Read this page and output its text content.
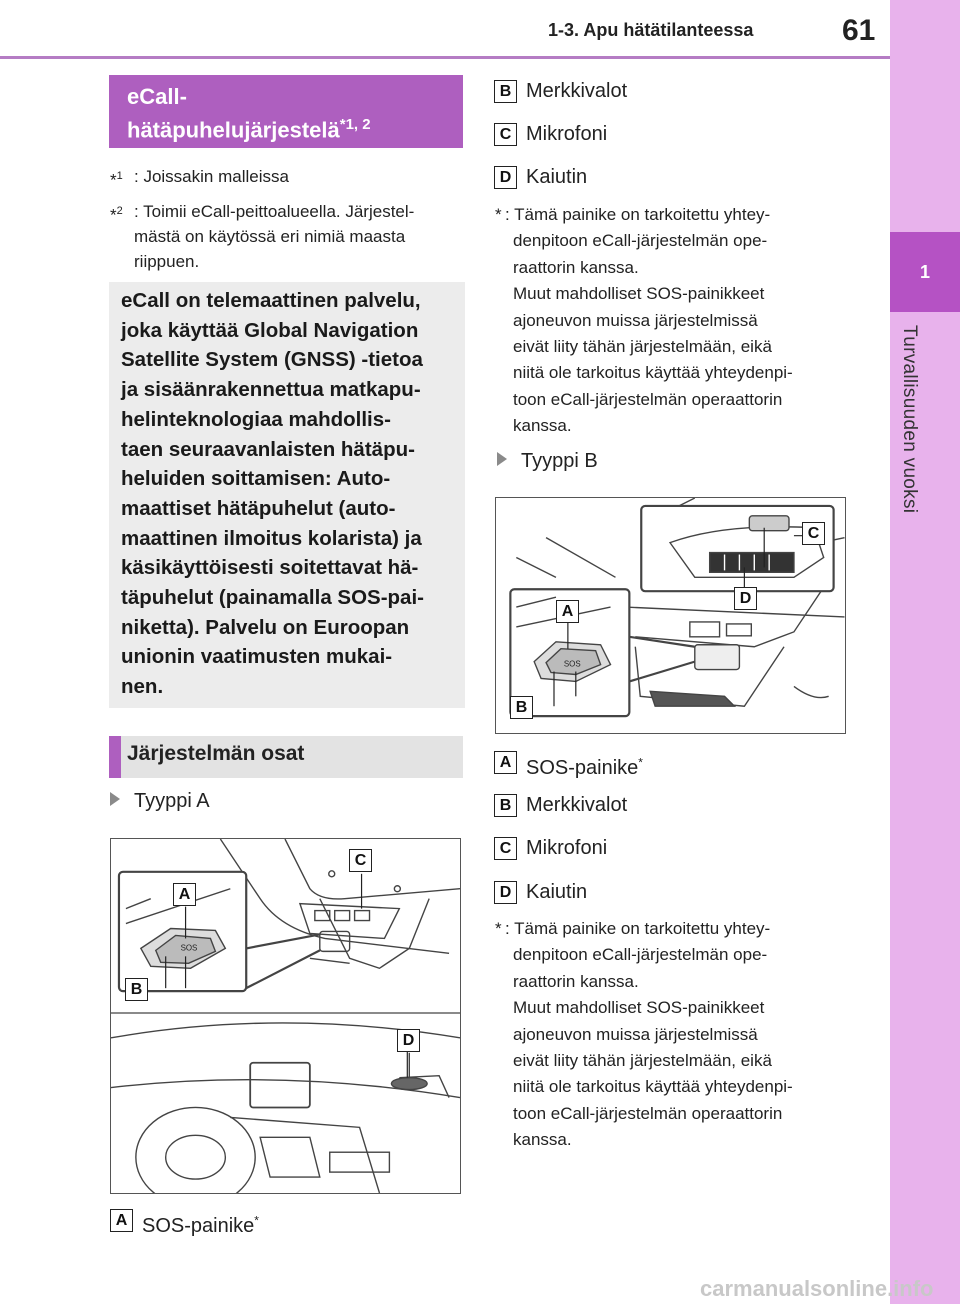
1-3. Apu hätätilanteessa	61
1
Turvallisuuden vuoksi
eCall-
hätäpuhelujärjestelä$^{*1, 2}$
*$^1$ : Joissakin malleissa
*$^2$ : Toimii eCall-peittoalueella. Järjestel-mästä on käytössä eri nimiä maasta riippuen.
eCall on telemaattinen palvelu,
joka käyttää Global Navigation
Satellite System (GNSS) -tietoa
ja sisäänrakennettua matkapu-
helinteknologiaa mahdollis-
taen seuraavanlaisten hätäpu-
heluiden soittamisen: Auto-
maattiset hätäpuhelut (auto-
maattinen ilmoitus kolarista) ja
käsikäyttöisesti soitettavat hä-
täpuhelut (painamalla SOS-pai-
niketta). Palvelu on Euroopan
unionin vaatimusten mukai-
nen.
Järjestelmän osat
Tyyppi A
SOS
A
B
C
D
A SOS-painike*
B Merkkivalot
C Mikrofoni
D Kaiutin
* : Tämä painike on tarkoitettu yhtey-
denpitoon eCall-järjestelmän ope-
raattorin kanssa.
Muut mahdolliset SOS-painikkeet
ajoneuvon muissa järjestelmissä
eivät liity tähän järjestelmään, eikä
niitä ole tarkoitus käyttää yhteydenpi-
toon eCall-järjestelmän operaattorin
kanssa.
Tyyppi B
SOS
A
B
C
D
A SOS-painike*
B Merkkivalot
C Mikrofoni
D Kaiutin
* : Tämä painike on tarkoitettu yhtey-
denpitoon eCall-järjestelmän ope-
raattorin kanssa.
Muut mahdolliset SOS-painikkeet
ajoneuvon muissa järjestelmissä
eivät liity tähän järjestelmään, eikä
niitä ole tarkoitus käyttää yhteydenpi-
toon eCall-järjestelmän operaattorin
kanssa.
carmanualsonline.info
